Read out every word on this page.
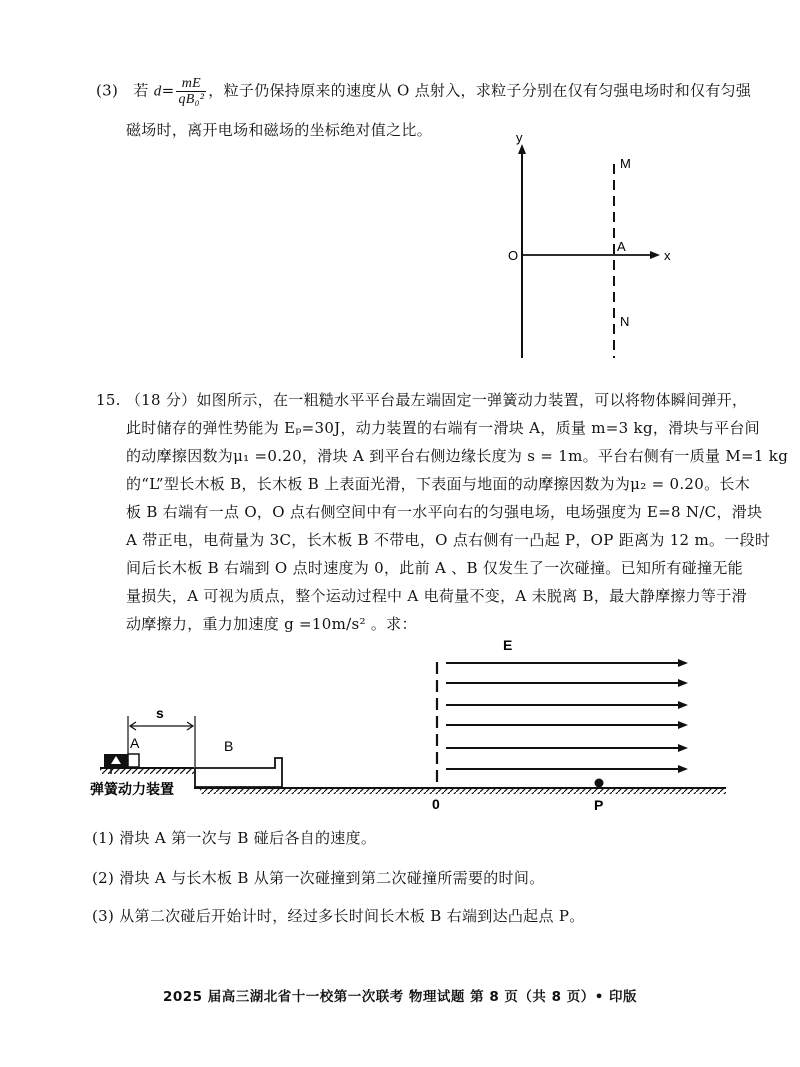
(3) 若 $d= \frac{mE}{\text{qB₀²}}$ ，粒子仍保持原来的速度从 O 点射入，求粒子分别在仅有匀强电场时和仅有匀强
磁场时，离开电场和磁场的坐标绝对值之比。	y
x
O
A
M
N
15. （18 分）如图所示，在一粗糙水平平台最左端固定一弹簧动力装置，可以将物体瞬间弹开，
此时储存的弹性势能为 Eₚ=30J，动力装置的右端有一滑块 A，质量 m=3 kg，滑块与平台间
的动摩擦因数为μ₁ =0.20，滑块 A 到平台右侧边缘长度为 s = 1m。平台右侧有一质量 M=1 kg
的“L”型长木板 B，长木板 B 上表面光滑，下表面与地面的动摩擦因数为为μ₂ = 0.20。长木
板 B 右端有一点 O，O 点右侧空间中有一水平向右的匀强电场，电场强度为 E=8 N/C，滑块
A 带正电，电荷量为 3C，长木板 B 不带电，O 点右侧有一凸起 P，OP 距离为 12 m。一段时
间后长木板 B 右端到 O 点时速度为 0，此前 A 、B 仅发生了一次碰撞。已知所有碰撞无能
量损失，A 可视为质点，整个运动过程中 A 电荷量不变，A 未脱离 B，最大静摩擦力等于滑
动摩擦力，重力加速度 g =10m/s² 。求：
A
s
B
E
0	P
弹簧动力装置
(1) 滑块 A 第一次与 B 碰后各自的速度。
(2) 滑块 A 与长木板 B 从第一次碰撞到第二次碰撞所需要的时间。
(3) 从第二次碰后开始计时，经过多长时间长木板 B 右端到达凸起点 P。
2025 届高三湖北省十一校第一次联考 物理试题 第 8 页（共 8 页）• 印版
